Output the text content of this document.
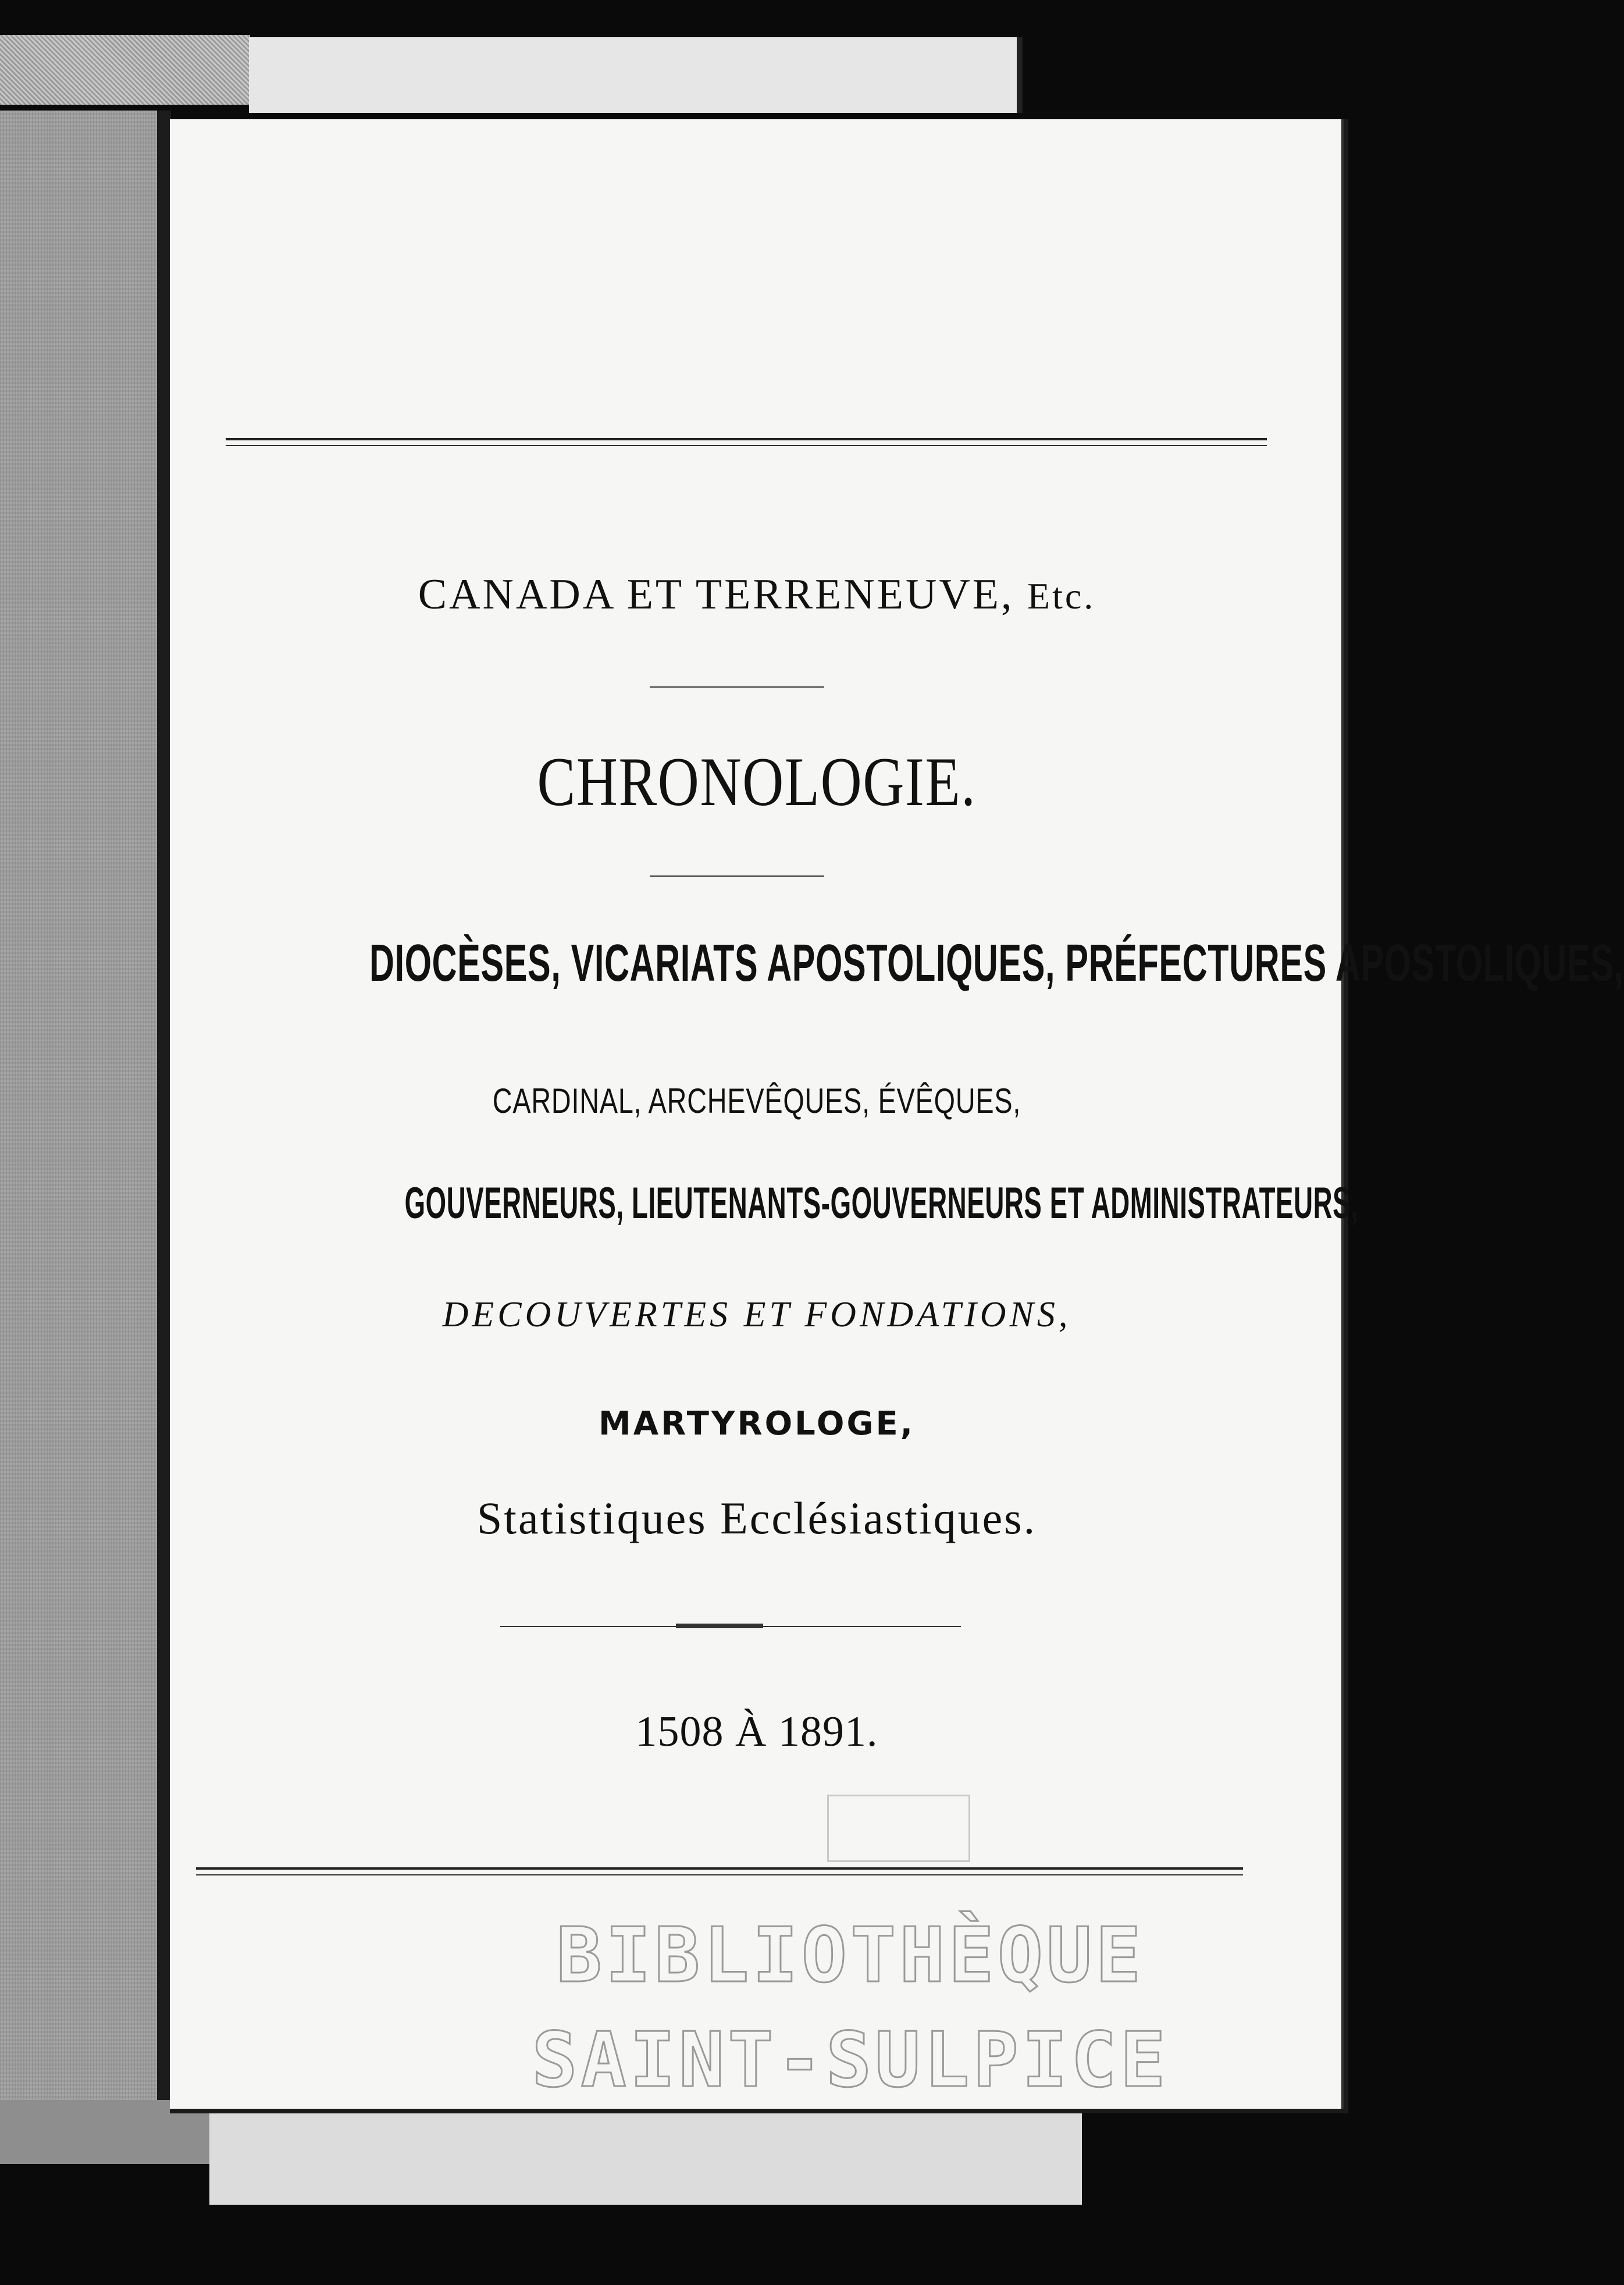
CANADA ET TERRENEUVE, Etc.
CHRONOLOGIE.
DIOCÈSES, VICARIATS APOSTOLIQUES, PRÉFECTURES APOSTOLIQUES,
CARDINAL, ARCHEVÊQUES, ÉVÊQUES,
GOUVERNEURS, LIEUTENANTS-GOUVERNEURS ET ADMINISTRATEURS,
DECOUVERTES ET FONDATIONS,
MARTYROLOGE,
Statistiques Ecclésiastiques.
1508 À 1891.
BIBLIOTHÈQUE
SAINT-SULPICE
